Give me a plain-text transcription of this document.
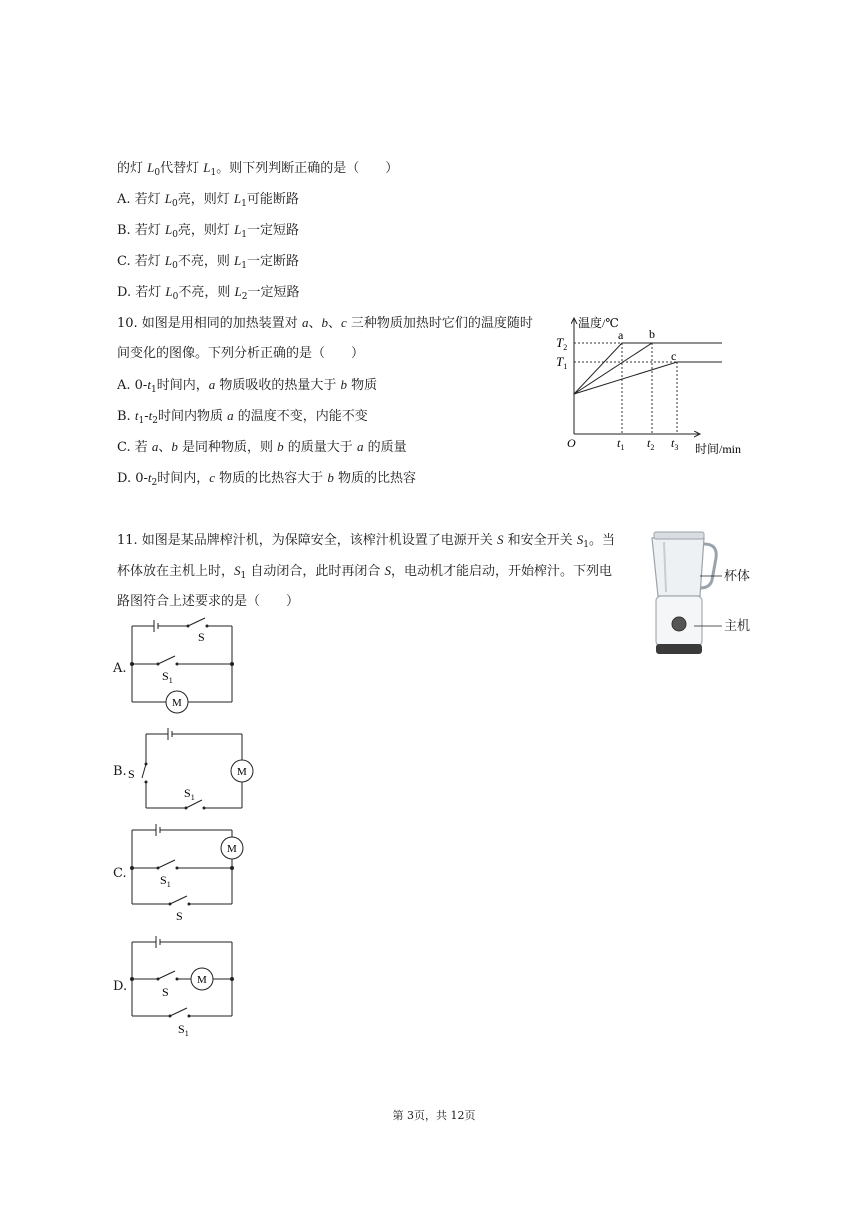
的灯 $L_0$代替灯 $L_1$。则下列判断正确的是（　　）
A. 若灯 $L_0$亮，则灯 $L_1$可能断路
B. 若灯 $L_0$亮，则灯 $L_1$一定短路
C. 若灯 $L_0$不亮，则 $L_1$一定断路
D. 若灯 $L_0$不亮，则 $L_2$一定短路
10. 如图是用相同的加热装置对 a、b、c 三种物质加热时它们的温度随时
间变化的图像。下列分析正确的是（　　）
A. $0-t_1$时间内，a 物质吸收的热量大于 b 物质
B. $t_1-t_2$时间内物质 a 的温度不变，内能不变
C. 若 a、b 是同种物质，则 b 的质量大于 a 的质量
D. $0-t_2$时间内，c 物质的比热容大于 b 物质的比热容
温度/℃
时间/min
O
a b
c
$T_2$
$T_1$
$t_1$ $t_2$ $t_3$
11. 如图是某品牌榨汁机，为保障安全，该榨汁机设置了电源开关 S 和安全开关 $S_1$。当
杯体放在主机上时，$S_1$ 自动闭合，此时再闭合 S，电动机才能启动，开始榨汁。下列电
路图符合上述要求的是（　　）
杯体
主机
A.
B.
C.
D.
S
$S_1$
M
S
$S_1$
M
$S_1$
S
M
S
$S_1$
M
第 3页，共 12页
